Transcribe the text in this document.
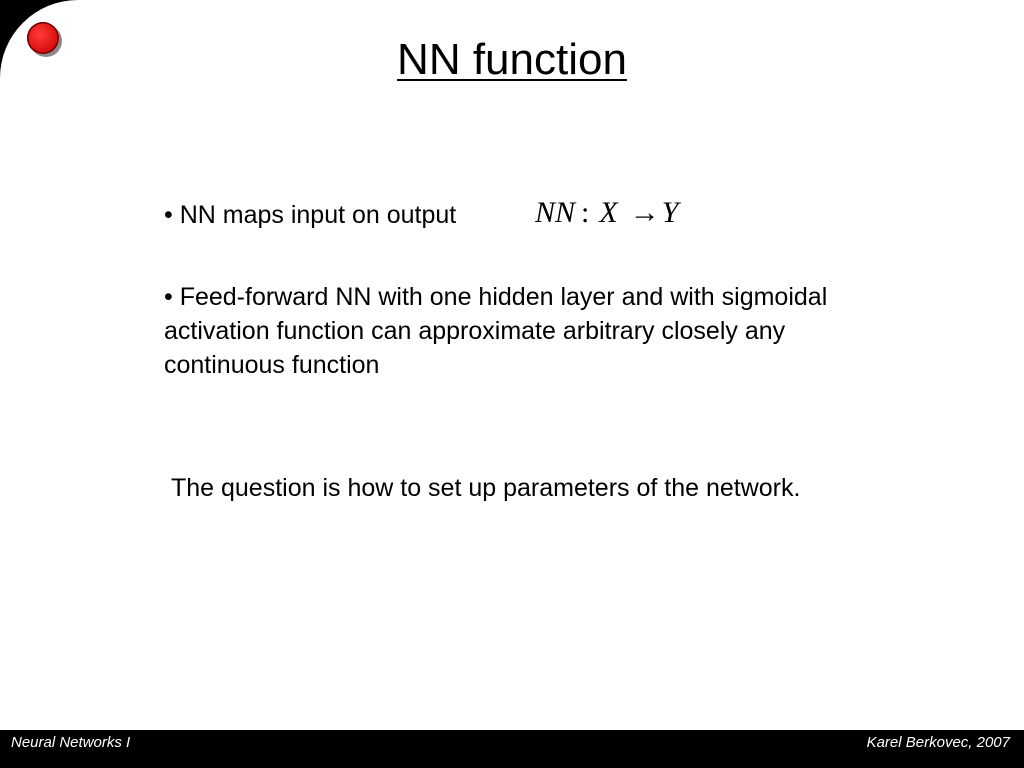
NN function
• NN maps input on output	NN : X →Y
• Feed-forward NN with one hidden layer and with sigmoidal activation function can approximate arbitrary closely any continuous function
The question is how to set up parameters of the network.
Neural Networks I	Karel Berkovec, 2007
